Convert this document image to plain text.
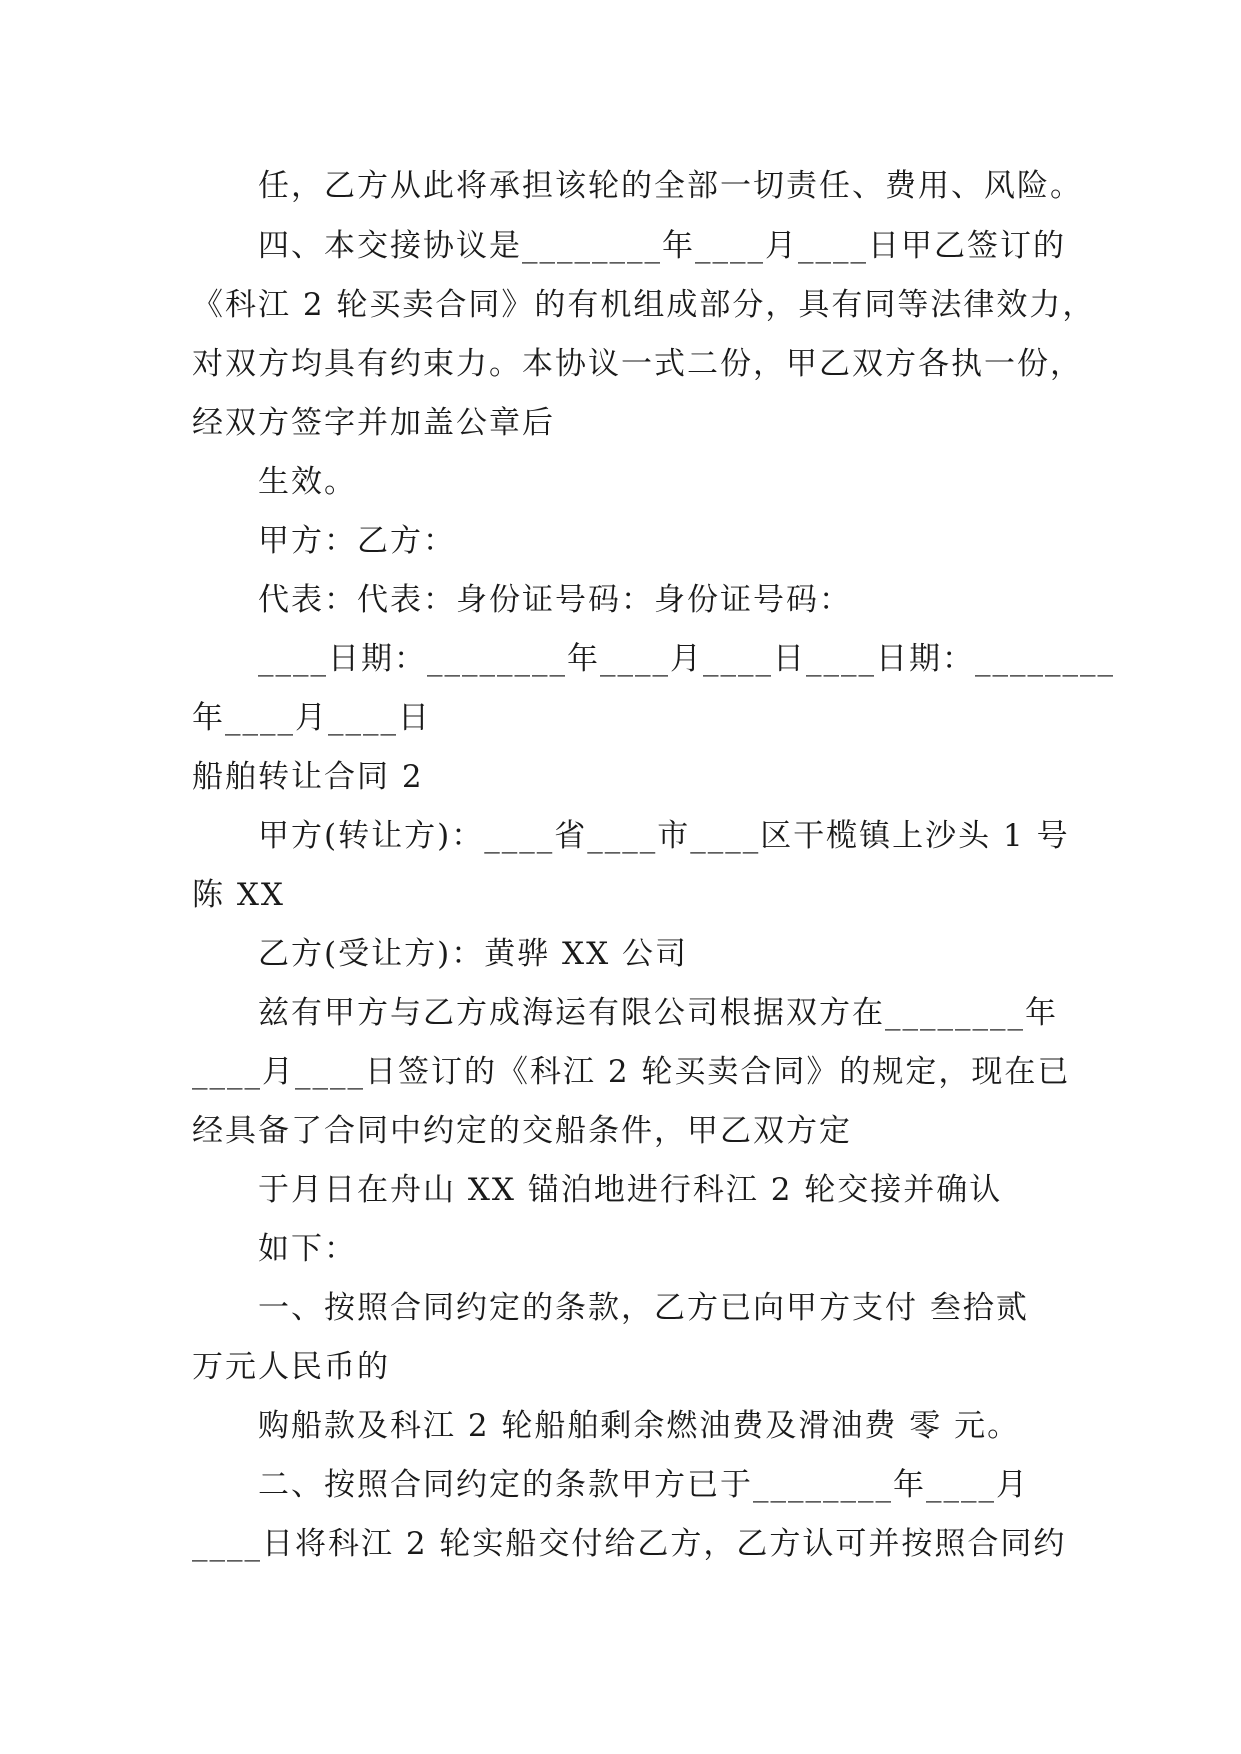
任，乙方从此将承担该轮的全部一切责任、费用、风险。

四、本交接协议是________年____月____日甲乙签订的

《科江 2 轮买卖合同》的有机组成部分，具有同等法律效力，

对双方均具有约束力。本协议一式二份，甲乙双方各执一份，

经双方签字并加盖公章后

生效。

甲方：乙方：

代表：代表：身份证号码：身份证号码：

____日期：________年____月____日____日期：________

年____月____日

船舶转让合同 2

甲方(转让方)：____省____市____区干榄镇上沙头 1 号

陈 XX

乙方(受让方)：黄骅 XX 公司

兹有甲方与乙方成海运有限公司根据双方在________年

____月____日签订的《科江 2 轮买卖合同》的规定，现在已

经具备了合同中约定的交船条件，甲乙双方定

于月日在舟山 XX 锚泊地进行科江 2 轮交接并确认

如下：

一、按照合同约定的条款，乙方已向甲方支付 叁拾贰

万元人民币的

购船款及科江 2 轮船舶剩余燃油费及滑油费 零 元。

二、按照合同约定的条款甲方已于________年____月

____日将科江 2 轮实船交付给乙方，乙方认可并按照合同约
